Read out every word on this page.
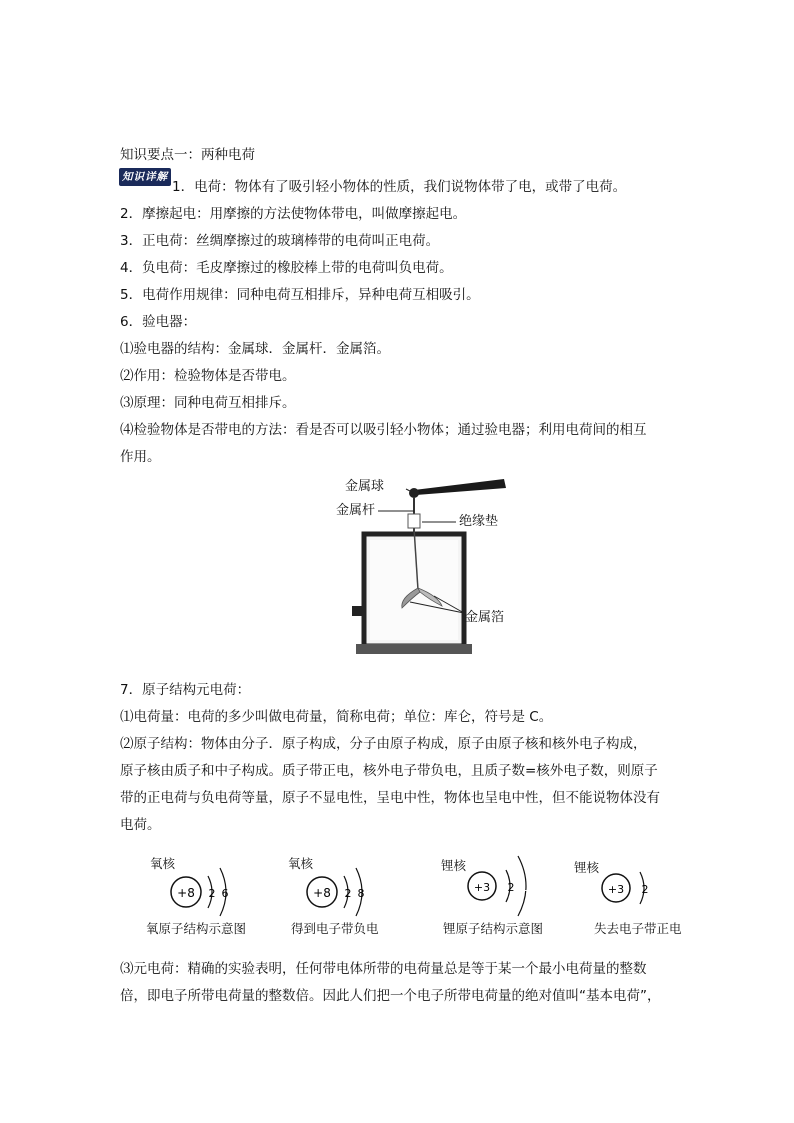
知识要点一：两种电荷
知识详解
1．电荷：物体有了吸引轻小物体的性质，我们说物体带了电，或带了电荷。
2．摩擦起电：用摩擦的方法使物体带电，叫做摩擦起电。
3．正电荷：丝绸摩擦过的玻璃棒带的电荷叫正电荷。
4．负电荷：毛皮摩擦过的橡胶棒上带的电荷叫负电荷。
5．电荷作用规律：同种电荷互相排斥，异种电荷互相吸引。
6．验电器：
⑴验电器的结构：金属球．金属杆．金属箔。
⑵作用：检验物体是否带电。
⑶原理：同种电荷互相排斥。
⑷检验物体是否带电的方法：看是否可以吸引轻小物体；通过验电器；利用电荷间的相互
作用。
金属球
金属杆
绝缘垫
金属箔
7．原子结构元电荷：
⑴电荷量：电荷的多少叫做电荷量，简称电荷；单位：库仑，符号是 C。
⑵原子结构：物体由分子．原子构成，分子由原子构成，原子由原子核和核外电子构成，
原子核由质子和中子构成。质子带正电，核外电子带负电，且质子数=核外电子数，则原子
带的正电荷与负电荷等量，原子不显电性，呈电中性，物体也呈电中性，但不能说物体没有
电荷。
氧核
+8 2 6
氧原子结构示意图
氧核
+8 2 8
得到电子带负电
锂核
+3 2 1
锂原子结构示意图
锂核
+3 2
失去电子带正电
⑶元电荷：精确的实验表明，任何带电体所带的电荷量总是等于某一个最小电荷量的整数
倍，即电子所带电荷量的整数倍。因此人们把一个电子所带电荷量的绝对值叫“基本电荷”，
